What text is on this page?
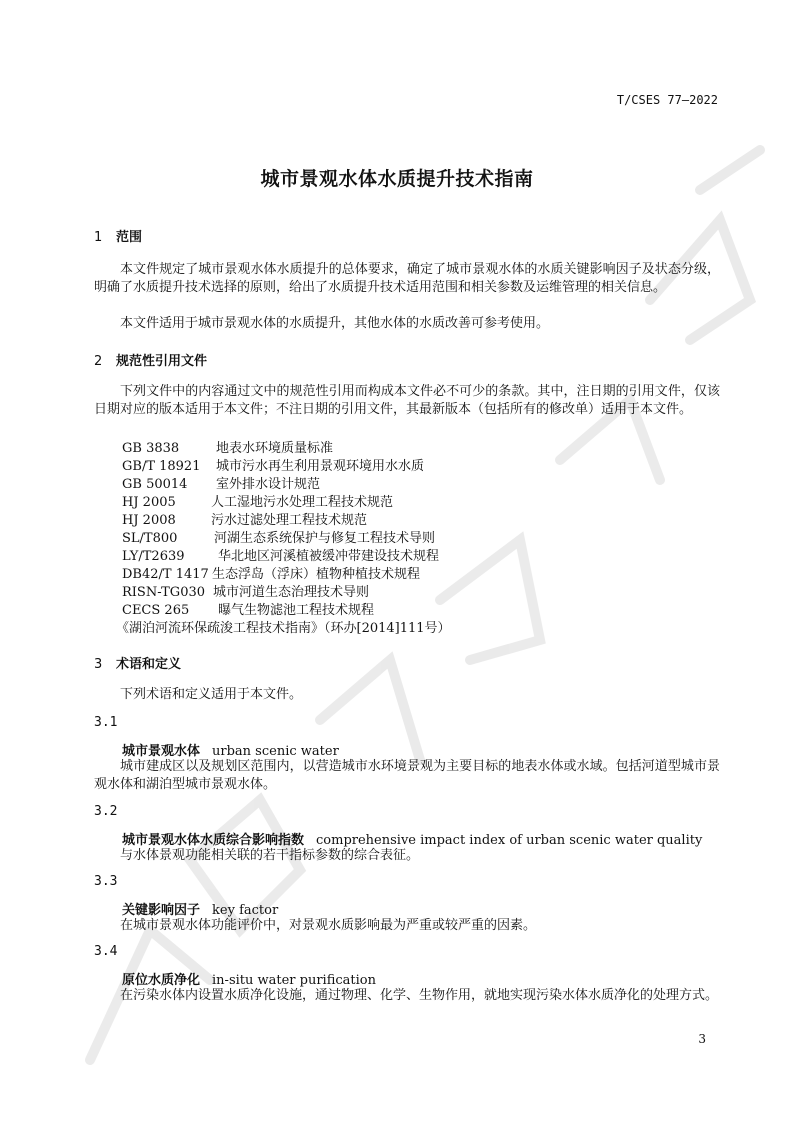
T/CSES 77—2022
城市景观水体水质提升技术指南
1 范围
本文件规定了城市景观水体水质提升的总体要求，确定了城市景观水体的水质关键影响因子及状态分级，明确了水质提升技术选择的原则，给出了水质提升技术适用范围和相关参数及运维管理的相关信息。
本文件适用于城市景观水体的水质提升，其他水体的水质改善可参考使用。
2 规范性引用文件
下列文件中的内容通过文中的规范性引用而构成本文件必不可少的条款。其中，注日期的引用文件，仅该日期对应的版本适用于本文件；不注日期的引用文件，其最新版本（包括所有的修改单）适用于本文件。
GB 3838	地表水环境质量标准
GB/T 18921 城市污水再生利用景观环境用水水质
GB 50014 室外排水设计规范
HJ 2005	人工湿地污水处理工程技术规范
HJ 2008	污水过滤处理工程技术规范
SL/T800	河湖生态系统保护与修复工程技术导则
LY/T2639	华北地区河溪植被缓冲带建设技术规程
DB42/T 1417 生态浮岛（浮床）植物种植技术规程
RISN-TG030 城市河道生态治理技术导则
CECS 265 曝气生物滤池工程技术规程
《湖泊河流环保疏浚工程技术指南》（环办[2014]111号）
3 术语和定义
下列术语和定义适用于本文件。
3.1
城市景观水体 urban scenic water
城市建成区以及规划区范围内，以营造城市水环境景观为主要目标的地表水体或水域。包括河道型城市景观水体和湖泊型城市景观水体。
3.2
城市景观水体水质综合影响指数 comprehensive impact index of urban scenic water quality
与水体景观功能相关联的若干指标参数的综合表征。
3.3
关键影响因子 key factor
在城市景观水体功能评价中，对景观水质影响最为严重或较严重的因素。
3.4
原位水质净化 in-situ water purification
在污染水体内设置水质净化设施，通过物理、化学、生物作用，就地实现污染水体水质净化的处理方式。
3
